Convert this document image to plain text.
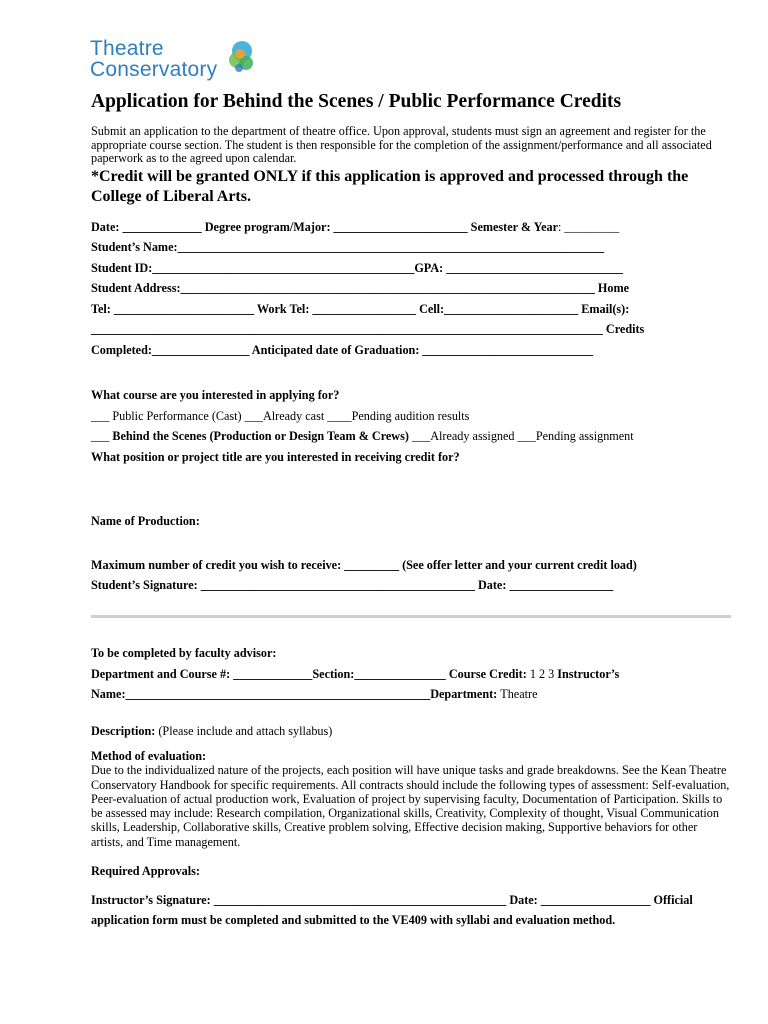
Theatre
Conservatory
Application for Behind the Scenes / Public Performance Credits
Submit an application to the department of theatre office. Upon approval, students must sign an agreement and register for the appropriate course section. The student is then responsible for the completion of the assignment/performance and all associated paperwork as to the agreed upon calendar.
*Credit will be granted ONLY if this application is approved and processed through the College of Liberal Arts.
Date: _____________ Degree program/Major: ______________________ Semester & Year: _________
Student’s Name:______________________________________________________________________
Student ID:___________________________________________GPA: _____________________________
Student Address:____________________________________________________________________ Home
Tel: _______________________ Work Tel: _________________ Cell:______________________ Email(s):
____________________________________________________________________________________ Credits
Completed:________________ Anticipated date of Graduation: ____________________________
What course are you interested in applying for?
___ Public Performance (Cast) ___Already cast ____Pending audition results
___ Behind the Scenes (Production or Design Team & Crews) ___Already assigned ___Pending assignment
What position or project title are you interested in receiving credit for?
Name of Production:
Maximum number of credit you wish to receive: _________ (See offer letter and your current credit load)
Student’s Signature: _____________________________________________ Date: _________________
To be completed by faculty advisor:
Department and Course #: _____________Section:_______________ Course Credit: 1 2 3 Instructor’s
Name:__________________________________________________Department: Theatre
Description: (Please include and attach syllabus)
Method of evaluation:
Due to the individualized nature of the projects, each position will have unique tasks and grade breakdowns. See the Kean Theatre Conservatory Handbook for specific requirements. All contracts should include the following types of assessment: Self-evaluation, Peer-evaluation of actual production work, Evaluation of project by supervising faculty, Documentation of Participation. Skills to be assessed may include: Research compilation, Organizational skills, Creativity, Complexity of thought, Visual Communication skills, Leadership, Collaborative skills, Creative problem solving, Effective decision making, Supportive behaviors for other artists, and Time management.
Required Approvals:
Instructor’s Signature: ________________________________________________ Date: __________________ Official
application form must be completed and submitted to the VE409 with syllabi and evaluation method.
